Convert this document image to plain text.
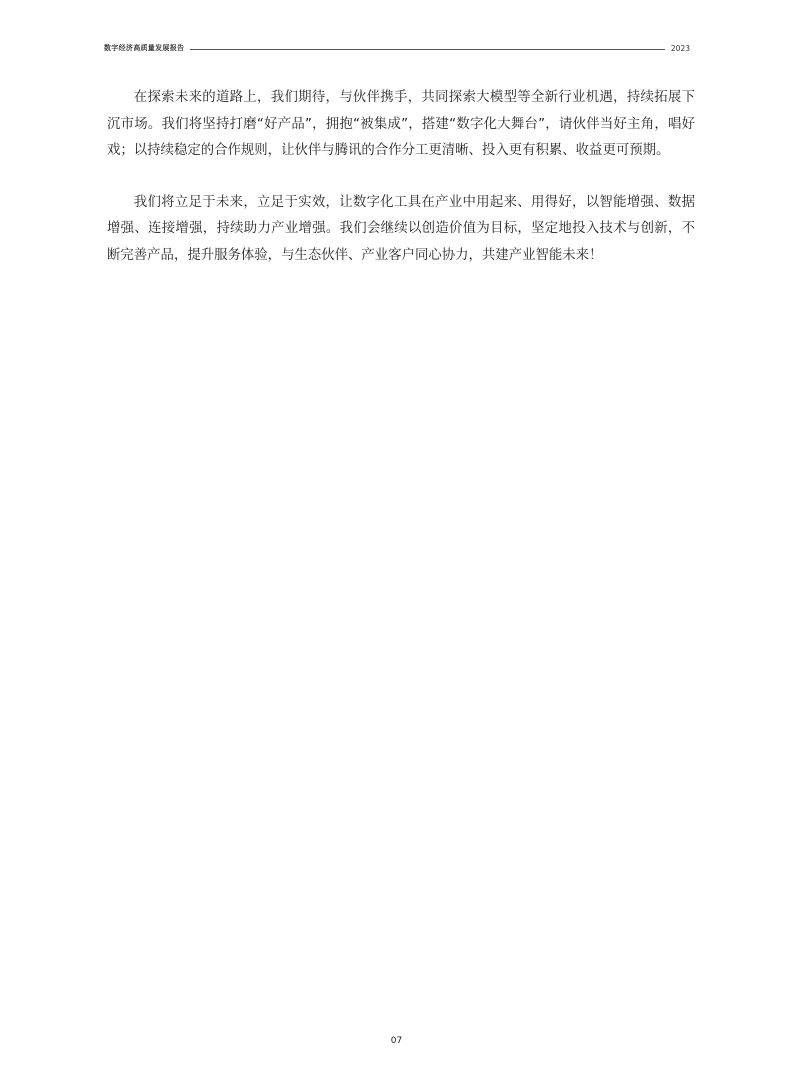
数字经济高质量发展报告	2023

在探索未来的道路上，我们期待，与伙伴携手，共同探索大模型等全新行业机遇，持续拓展下沉市场。我们将坚持打磨“好产品”，拥抱“被集成”，搭建“数字化大舞台”，请伙伴当好主角，唱好戏；以持续稳定的合作规则，让伙伴与腾讯的合作分工更清晰、投入更有积累、收益更可预期。

我们将立足于未来，立足于实效，让数字化工具在产业中用起来、用得好，以智能增强、数据增强、连接增强，持续助力产业增强。我们会继续以创造价值为目标，坚定地投入技术与创新，不断完善产品，提升服务体验，与生态伙伴、产业客户同心协力，共建产业智能未来！

07
